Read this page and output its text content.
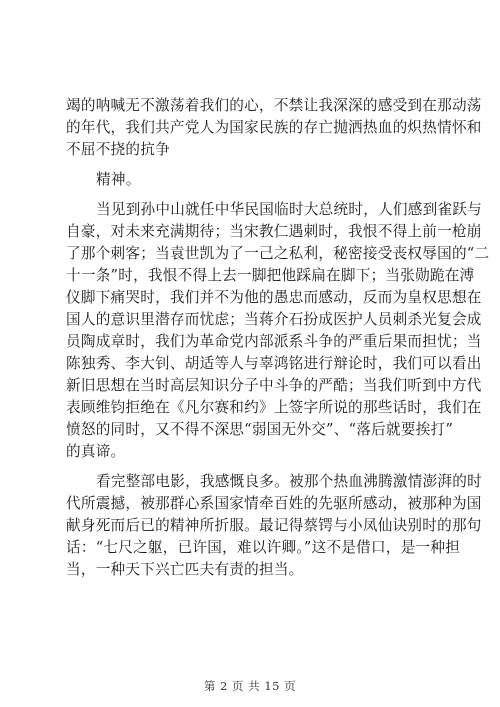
竭的呐喊无不激荡着我们的心，不禁让我深深的感受到在那动荡
的年代，我们共产党人为国家民族的存亡抛洒热血的炽热情怀和
不屈不挠的抗争
精神。
当见到孙中山就任中华民国临时大总统时，人们感到雀跃与
自豪，对未来充满期待；当宋教仁遇刺时，我恨不得上前一枪崩
了那个刺客；当袁世凯为了一己之私利，秘密接受丧权辱国的“二
十一条”时，我恨不得上去一脚把他踩扁在脚下；当张勋跪在溥
仪脚下痛哭时，我们并不为他的愚忠而感动，反而为皇权思想在
国人的意识里潜存而忧虑；当蒋介石扮成医护人员刺杀光复会成
员陶成章时，我们为革命党内部派系斗争的严重后果而担忧；当
陈独秀、李大钊、胡适等人与辜鸿铭进行辩论时，我们可以看出
新旧思想在当时高层知识分子中斗争的严酷；当我们听到中方代
表顾维钧拒绝在《凡尔赛和约》上签字所说的那些话时，我们在
愤怒的同时，又不得不深思“弱国无外交”、“落后就要挨打”
的真谛。
看完整部电影，我感慨良多。被那个热血沸腾激情澎湃的时
代所震撼，被那群心系国家情牵百姓的先驱所感动，被那种为国
献身死而后已的精神所折服。最记得蔡锷与小凤仙诀别时的那句
话：“七尺之躯，已许国，难以许卿。”这不是借口，是一种担
当，一种天下兴亡匹夫有责的担当。
第 2 页 共 15 页
